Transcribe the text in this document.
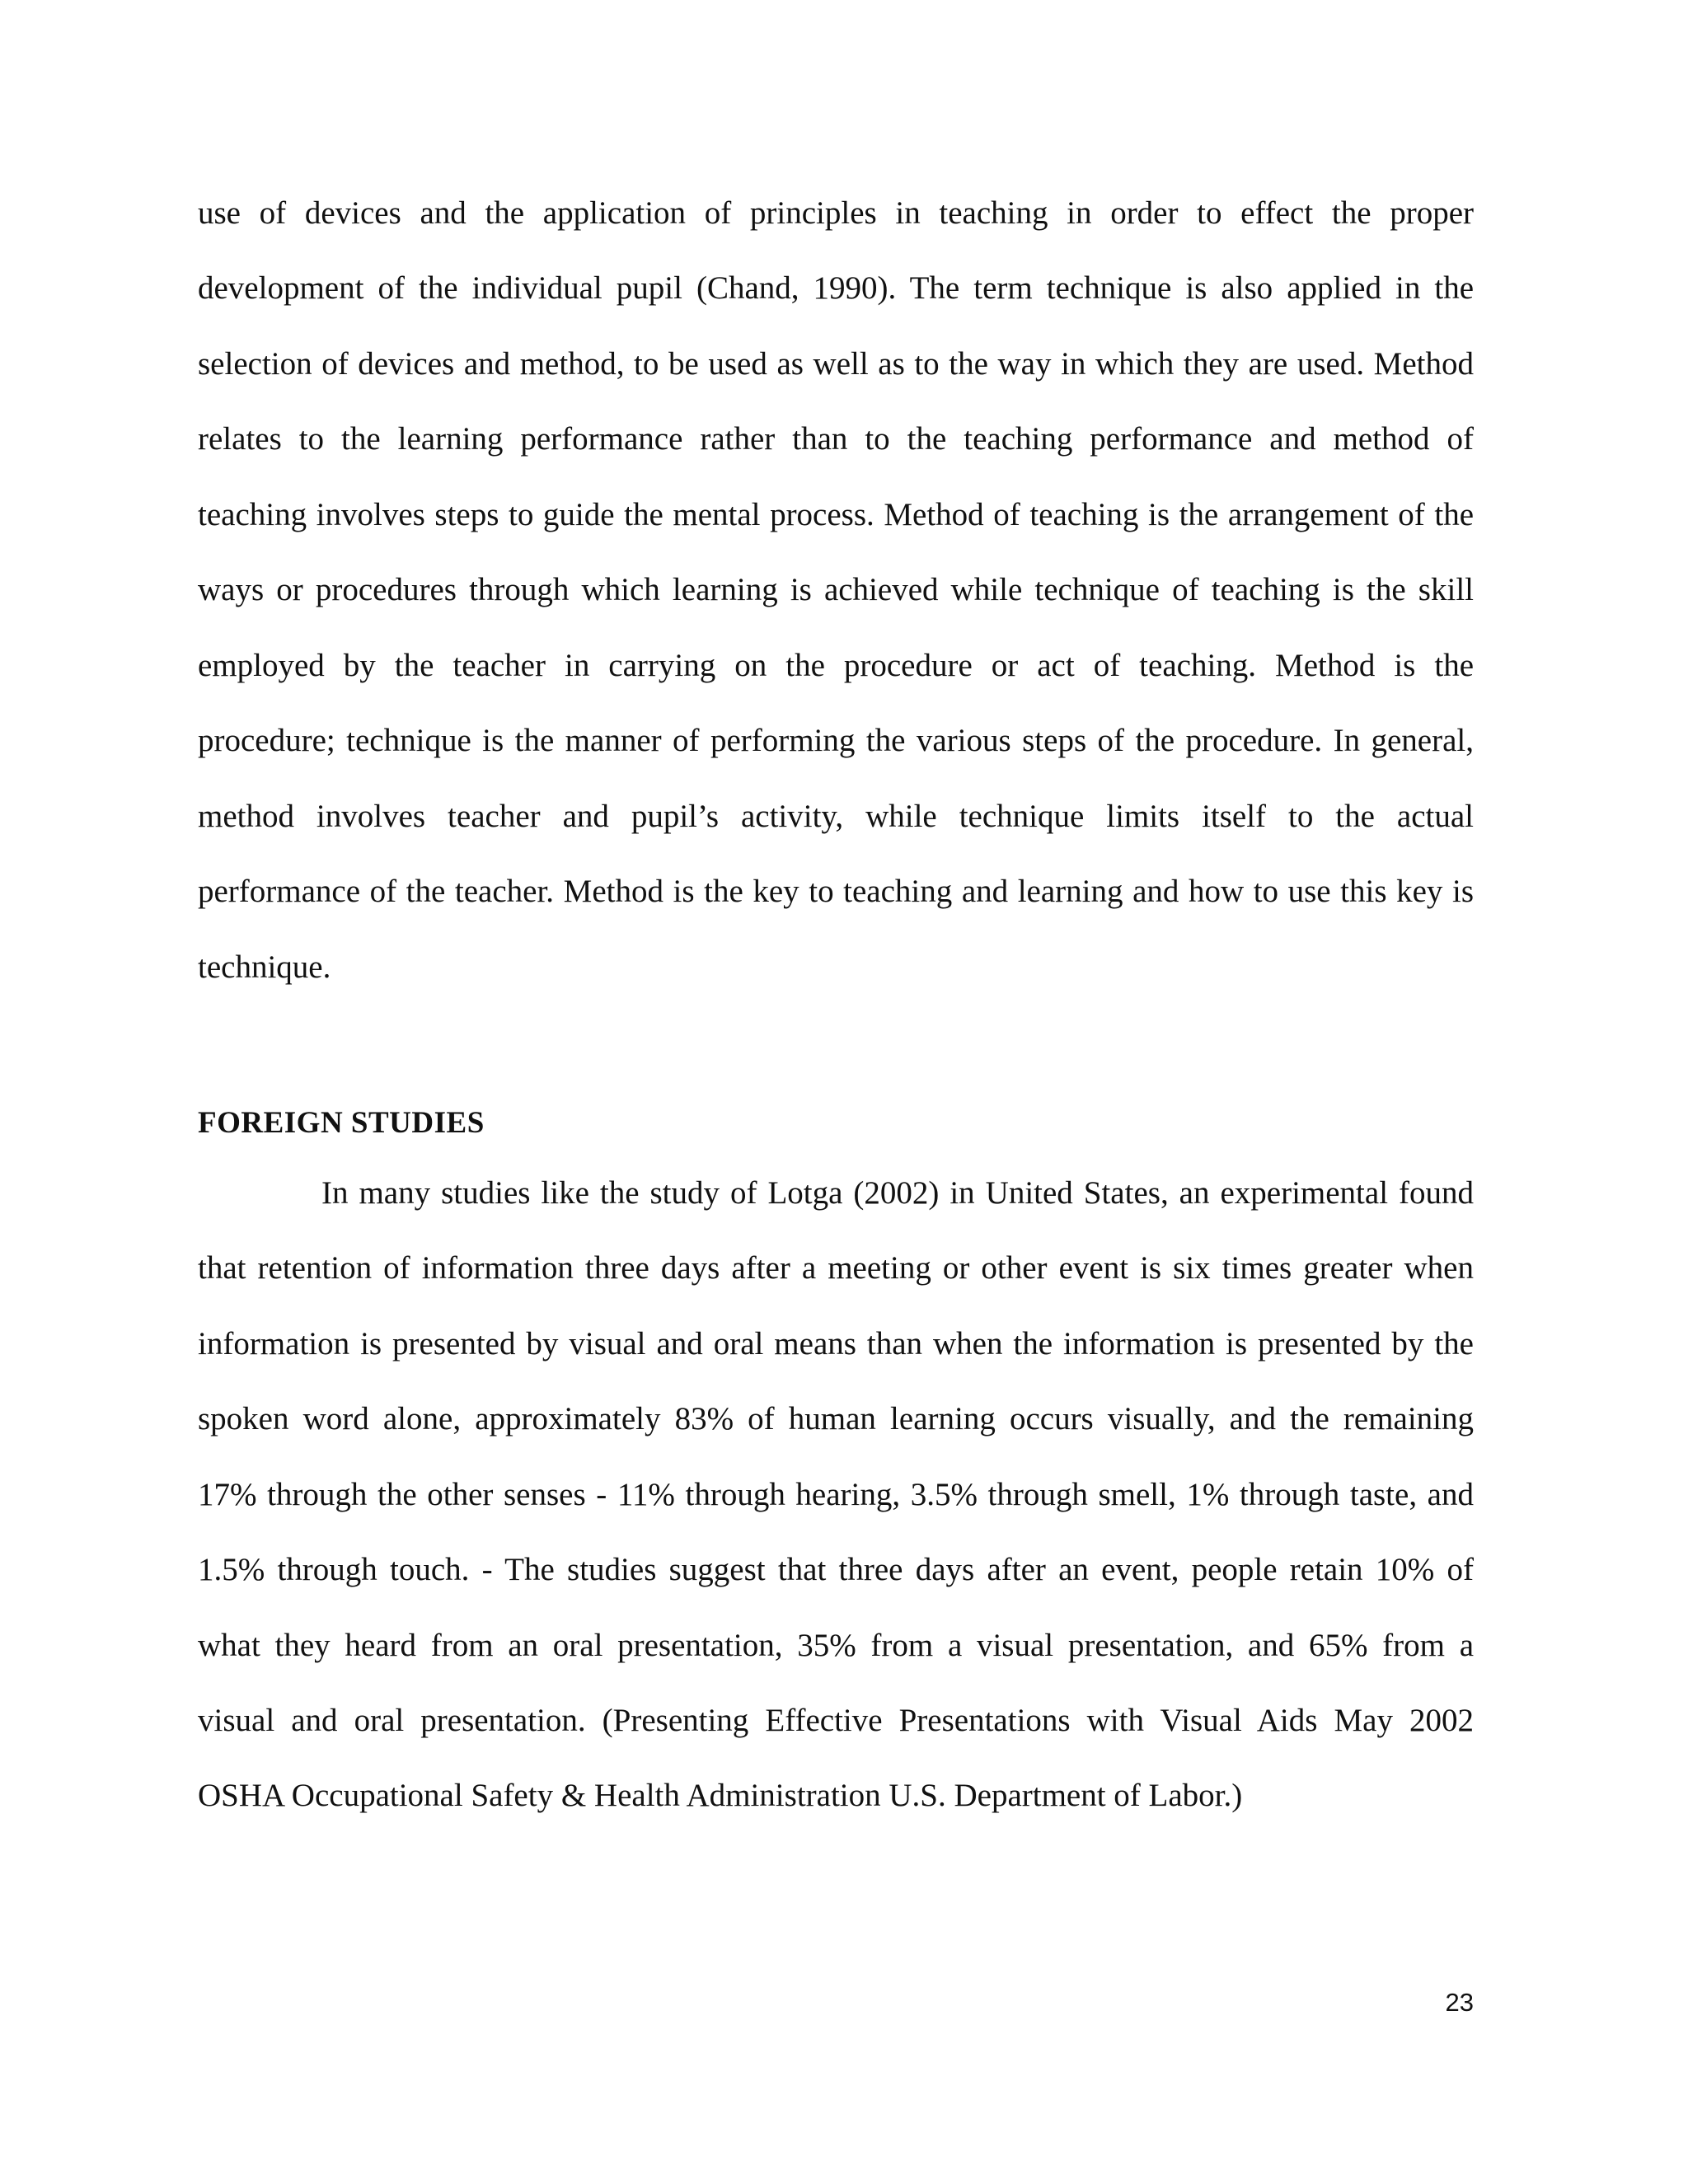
use of devices and the application of principles in teaching in order to effect the proper
development of the individual pupil (Chand, 1990). The term technique is also applied in the
selection of devices and method, to be used as well as to the way in which they are used. Method
relates to the learning performance rather than to the teaching performance and method of
teaching involves steps to guide the mental process. Method of teaching is the arrangement of the
ways or procedures through which learning is achieved while technique of teaching is the skill
employed by the teacher in carrying on the procedure or act of teaching. Method is the
procedure; technique is the manner of performing the various steps of the procedure. In general,
method involves teacher and pupil’s activity, while technique limits itself to the actual
performance of the teacher. Method is the key to teaching and learning and how to use this key is
technique.
FOREIGN STUDIES
In many studies like the study of Lotga (2002) in United States, an experimental found
that retention of information three days after a meeting or other event is six times greater when
information is presented by visual and oral means than when the information is presented by the
spoken word alone, approximately 83% of human learning occurs visually, and the remaining
17% through the other senses - 11% through hearing, 3.5% through smell, 1% through taste, and
1.5% through touch. - The studies suggest that three days after an event, people retain 10% of
what they heard from an oral presentation, 35% from a visual presentation, and 65% from a
visual and oral presentation. (Presenting Effective Presentations with Visual Aids May 2002
OSHA Occupational Safety & Health Administration U.S. Department of Labor.)
23
